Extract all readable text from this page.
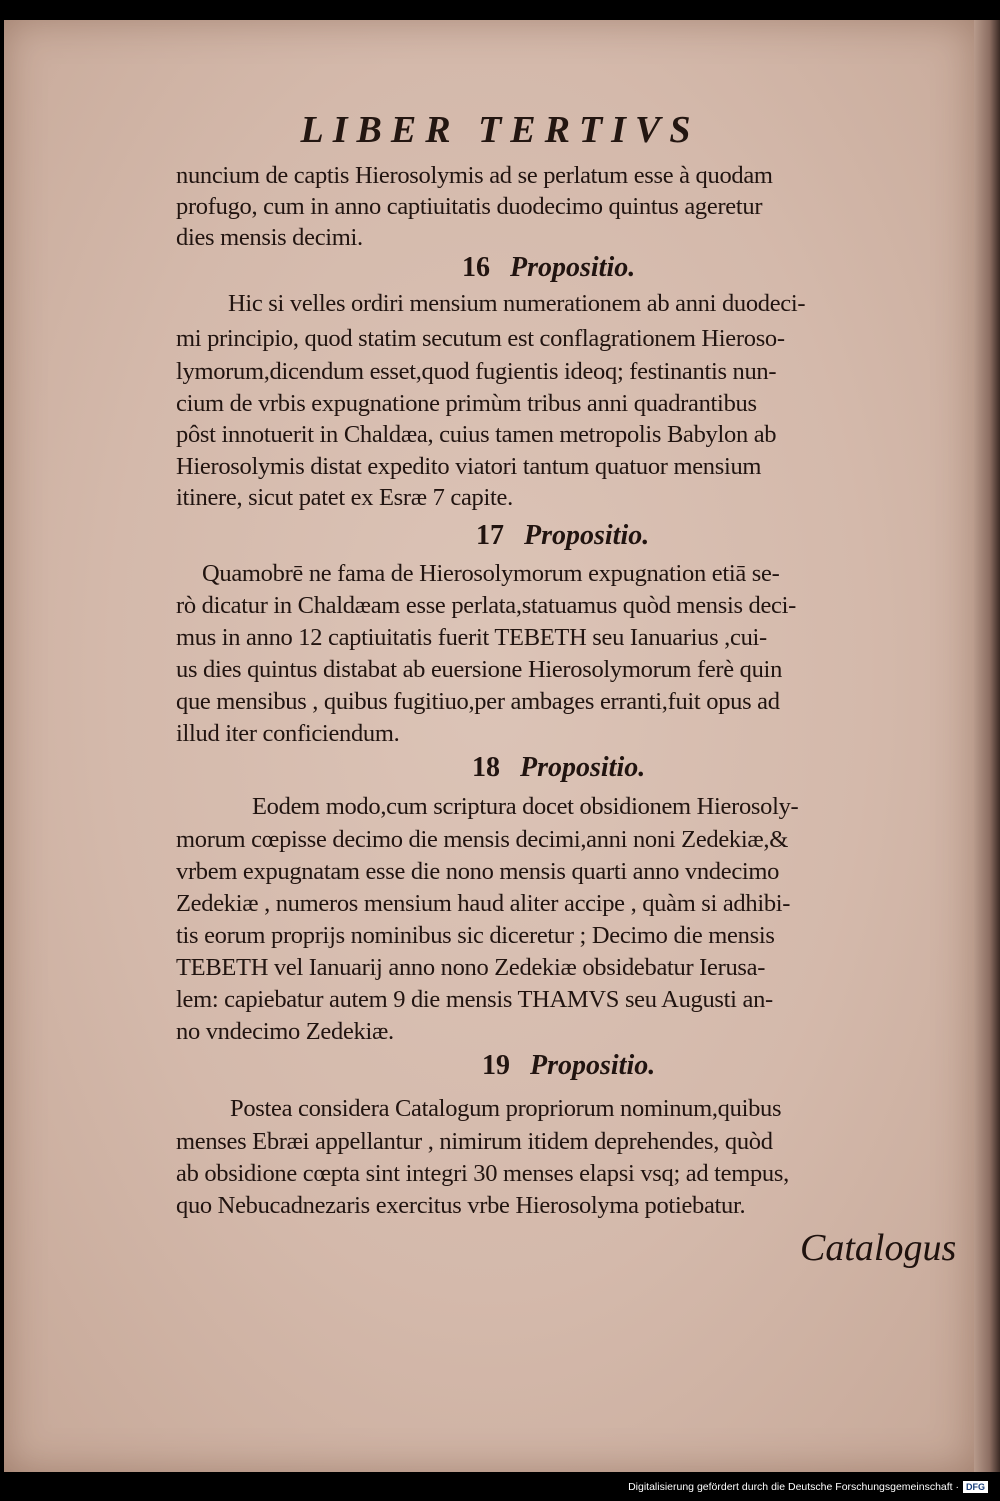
LIBER TERTIVS

nuncium de captis Hierosolymis ad se perlatum esse à quodam

profugo, cum in anno captiuitatis duodecimo quintus ageretur

dies mensis decimi.

16 Propositio.

Hic si velles ordiri mensium numerationem ab anni duodeci-

mi principio, quod statim secutum est conflagrationem Hieroso-

lymorum,dicendum esset,quod fugientis ideoq; festinantis nun-

cium de vrbis expugnatione primùm tribus anni quadrantibus

pôst innotuerit in Chaldæa, cuius tamen metropolis Babylon ab

Hierosolymis distat expedito viatori tantum quatuor mensium

itinere, sicut patet ex Esræ 7 capite.

17 Propositio.

Quamobrē ne fama de Hierosolymorum expugnation etiā se-

rò dicatur in Chaldæam esse perlata,statuamus quòd mensis deci-

mus in anno 12 captiuitatis fuerit TEBETH seu Ianuarius ,cui-

us dies quintus distabat ab euersione Hierosolymorum ferè quin

que mensibus , quibus fugitiuo,per ambages erranti,fuit opus ad

illud iter conficiendum.

18 Propositio.

Eodem modo,cum scriptura docet obsidionem Hierosoly-

morum cœpisse decimo die mensis decimi,anni noni Zedekiæ,&

vrbem expugnatam esse die nono mensis quarti anno vndecimo

Zedekiæ , numeros mensium haud aliter accipe , quàm si adhibi-

tis eorum proprijs nominibus sic diceretur ; Decimo die mensis

TEBETH vel Ianuarij anno nono Zedekiæ obsidebatur Ierusa-

lem: capiebatur autem 9 die mensis THAMVS seu Augusti an-

no vndecimo Zedekiæ.

19 Propositio.

Postea considera Catalogum propriorum nominum,quibus

menses Ebræi appellantur , nimirum itidem deprehendes, quòd

ab obsidione cœpta sint integri 30 menses elapsi vsq; ad tempus,

quo Nebucadnezaris exercitus vrbe Hierosolyma potiebatur.

Catalogus

Digitalisierung gefördert durch die Deutsche Forschungsgemeinschaft · DFG
